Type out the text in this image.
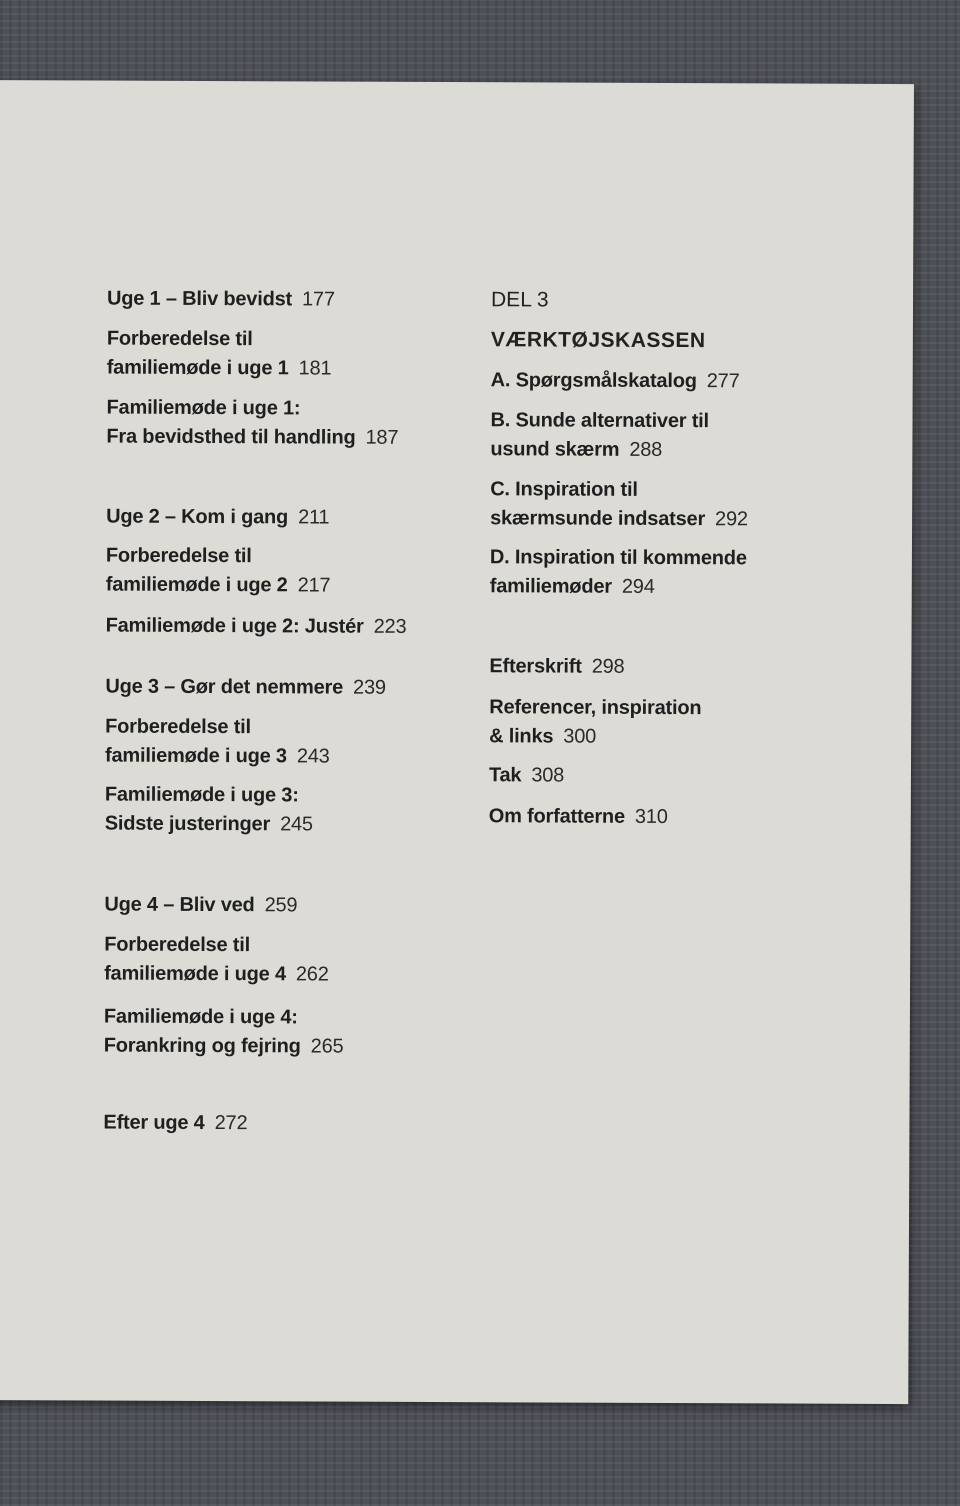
Uge 1 – Bliv bevidst 177
Forberedelse til
familiemøde i uge 1 181
Familiemøde i uge 1:
Fra bevidsthed til handling 187
Uge 2 – Kom i gang 211
Forberedelse til
familiemøde i uge 2 217
Familiemøde i uge 2: Justér 223
Uge 3 – Gør det nemmere 239
Forberedelse til
familiemøde i uge 3 243
Familiemøde i uge 3:
Sidste justeringer 245
Uge 4 – Bliv ved 259
Forberedelse til
familiemøde i uge 4 262
Familiemøde i uge 4:
Forankring og fejring 265
Efter uge 4 272
DEL 3
VÆRKTØJSKASSEN
A. Spørgsmålskatalog 277
B. Sunde alternativer til
usund skærm 288
C. Inspiration til
skærmsunde indsatser 292
D. Inspiration til kommende
familiemøder 294
Efterskrift 298
Referencer, inspiration
& links 300
Tak 308
Om forfatterne 310
